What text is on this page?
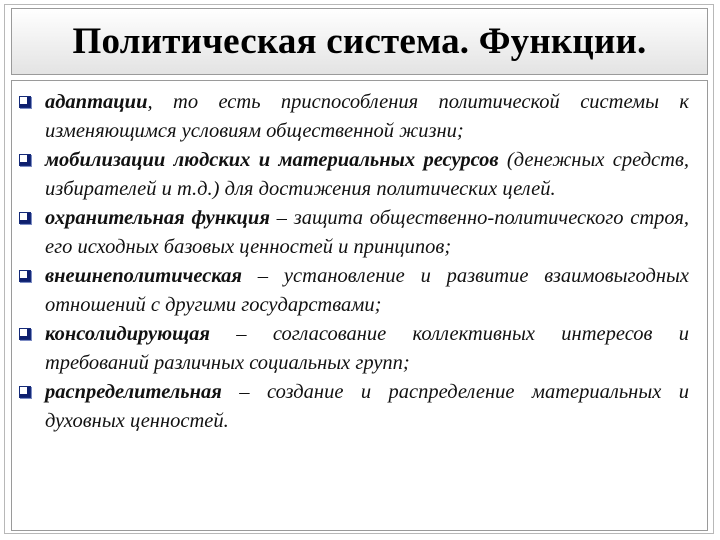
Политическая система. Функции.
адаптации, то есть приспособления политической системы к изменяющимся условиям общественной жизни;
мобилизации людских и материальных ресурсов (денежных средств, избирателей и т.д.) для достижения политических целей.
охранительная функция – защита общественно-политического строя, его исходных базовых ценностей и принципов;
внешнеполитическая – установление и развитие взаимовыгодных отношений с другими государствами;
консолидирующая – согласование коллективных интересов и требований различных социальных групп;
распределительная – создание и распределение материальных и духовных ценностей.
